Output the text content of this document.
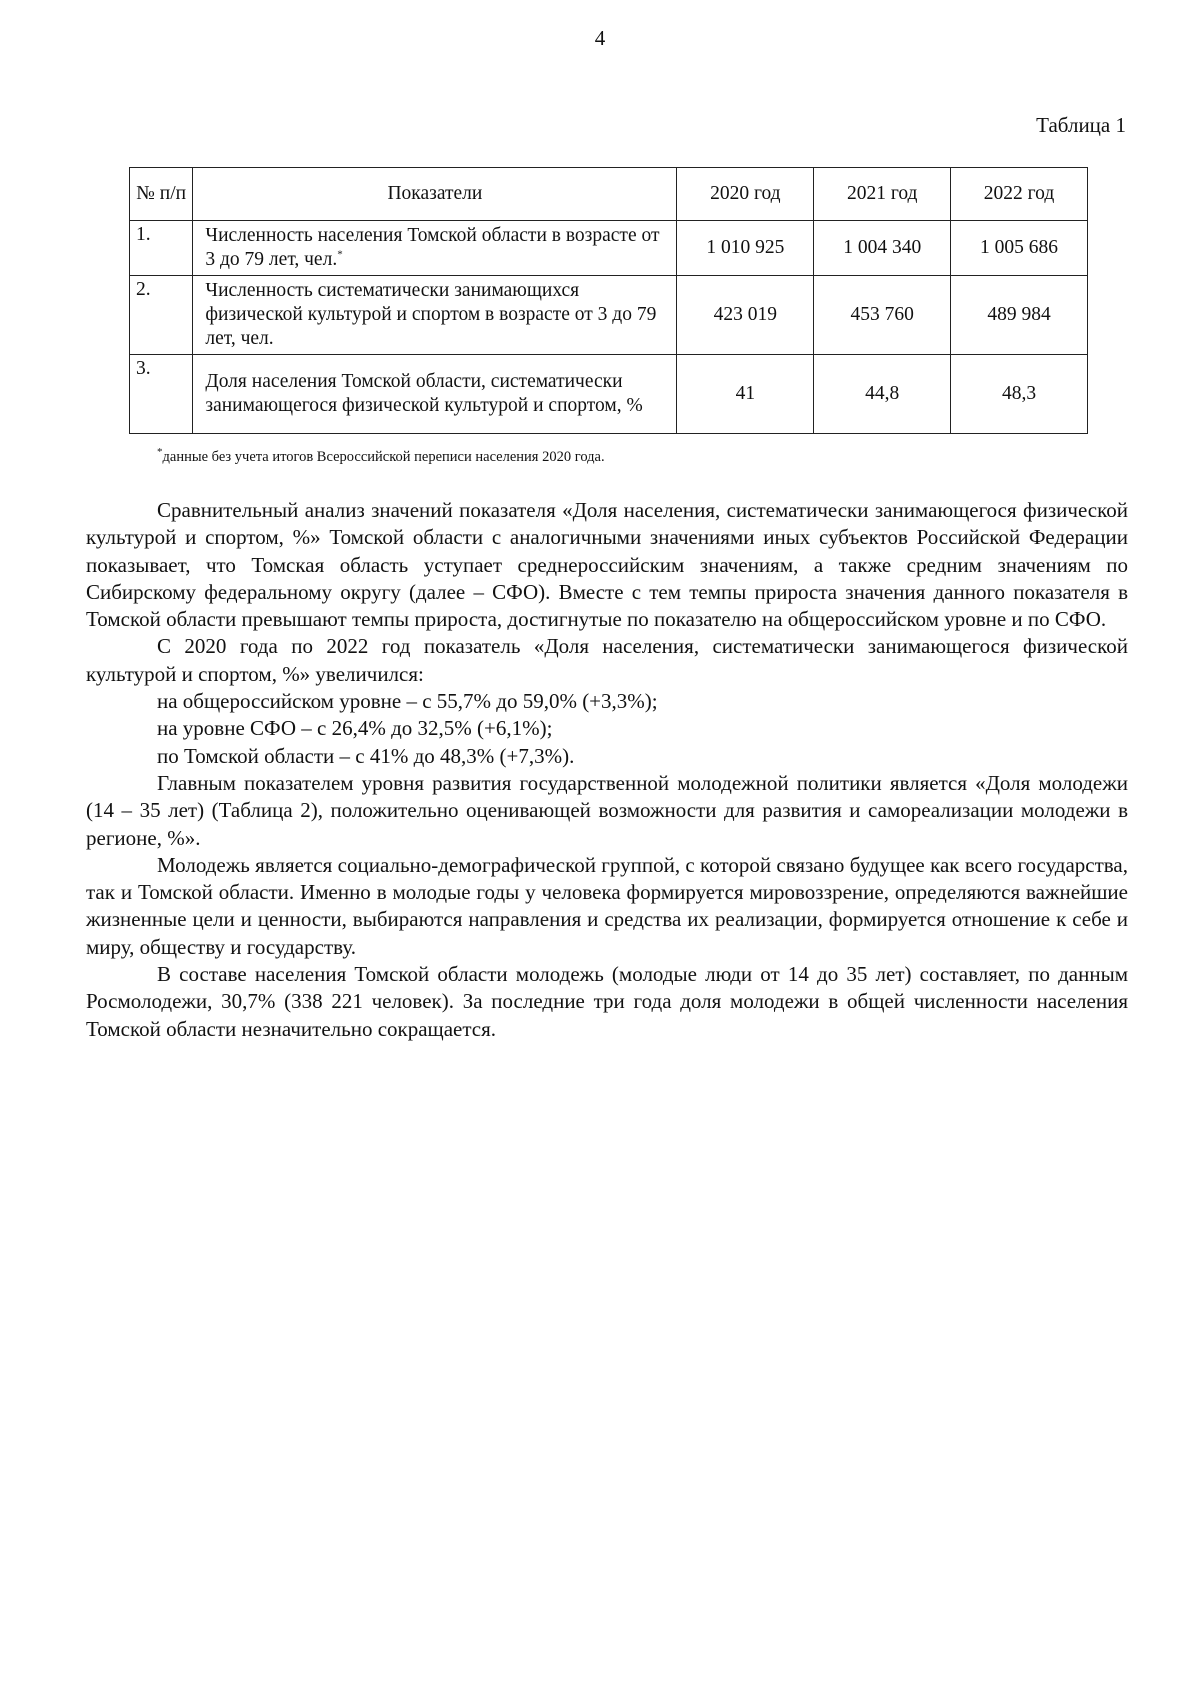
4
Таблица 1
№ п/п	Показатели	2020 год	2021 год	2022 год
1.	Численность населения Томской области в возрасте от 3 до 79 лет, чел.*	1 010 925	1 004 340	1 005 686
2.	Численность систематически занимающихся физической культурой и спортом в возрасте от 3 до 79 лет, чел.	423 019	453 760	489 984
3.	Доля населения Томской области, систематически занимающегося физической культурой и спортом, %	41	44,8	48,3
*данные без учета итогов Всероссийской переписи населения 2020 года.

Сравнительный анализ значений показателя «Доля населения, систематически занимающегося физической культурой и спортом, %» Томской области с аналогичными значениями иных субъектов Российской Федерации показывает, что Томская область уступает среднероссийским значениям, а также средним значениям по Сибирскому федеральному округу (далее – СФО). Вместе с тем темпы прироста значения данного показателя в Томской области превышают темпы прироста, достигнутые по показателю на общероссийском уровне и по СФО.

С 2020 года по 2022 год показатель «Доля населения, систематически занимающегося физической культурой и спортом, %» увеличился:

на общероссийском уровне – с 55,7% до 59,0% (+3,3%);

на уровне СФО – с 26,4% до 32,5% (+6,1%);

по Томской области – с 41% до 48,3% (+7,3%).

Главным показателем уровня развития государственной молодежной политики является «Доля молодежи (14 – 35 лет) (Таблица 2), положительно оценивающей возможности для развития и самореализации молодежи в регионе, %».

Молодежь является социально-демографической группой, с которой связано будущее как всего государства, так и Томской области. Именно в молодые годы у человека формируется мировоззрение, определяются важнейшие жизненные цели и ценности, выбираются направления и средства их реализации, формируется отношение к себе и миру, обществу и государству.

В составе населения Томской области молодежь (молодые люди от 14 до 35 лет) составляет, по данным Росмолодежи, 30,7% (338 221 человек). За последние три года доля молодежи в общей численности населения Томской области незначительно сокращается.
